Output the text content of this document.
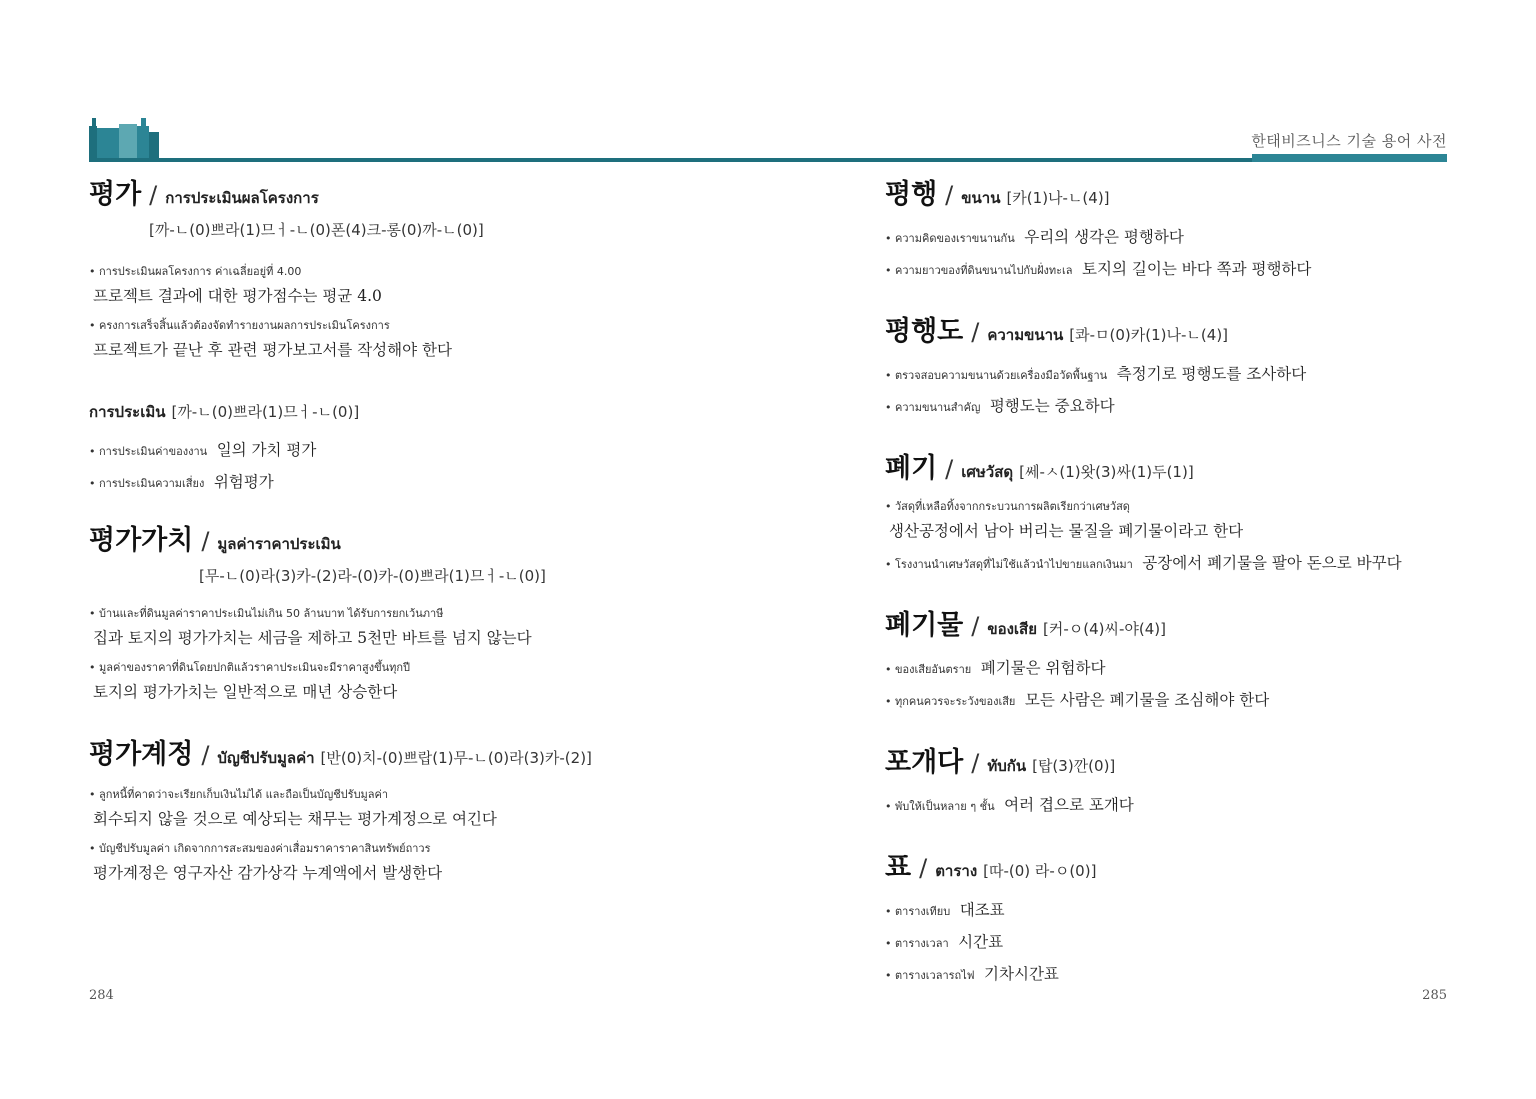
한태비즈니스 기술 용어 사전
평가 / การประเมินผลโครงการ
[까-ㄴ(0)쁘라(1)므ㅓ-ㄴ(0)폰(4)크-롱(0)까-ㄴ(0)]
• การประเมินผลโครงการ ค่าเฉลี่ยอยู่ที่ 4.00
프로젝트 결과에 대한 평가점수는 평균 4.0
• ครงการเสร็จสิ้นแล้วต้องจัดทำรายงานผลการประเมินโครงการ
프로젝트가 끝난 후 관련 평가보고서를 작성해야 한다
การประเมิน [까-ㄴ(0)쁘라(1)므ㅓ-ㄴ(0)]
• การประเมินค่าของงาน 일의 가치 평가
• การประเมินความเสี่ยง 위험평가
평가가치 / มูลค่าราคาประเมิน
[무-ㄴ(0)라(3)카-(2)라-(0)카-(0)쁘라(1)므ㅓ-ㄴ(0)]
• บ้านและที่ดินมูลค่าราคาประเมินไม่เกิน 50 ล้านบาท ได้รับการยกเว้นภาษี
집과 토지의 평가가치는 세금을 제하고 5천만 바트를 넘지 않는다
• มูลค่าของราคาที่ดินโดยปกติแล้วราคาประเมินจะมีราคาสูงขึ้นทุกปี
토지의 평가가치는 일반적으로 매년 상승한다
평가계정 / บัญชีปรับมูลค่า [반(0)치-(0)쁘랍(1)무-ㄴ(0)라(3)카-(2)]
• ลูกหนี้ที่คาดว่าจะเรียกเก็บเงินไม่ได้ และถือเป็นบัญชีปรับมูลค่า
회수되지 않을 것으로 예상되는 채무는 평가계정으로 여긴다
• บัญชีปรับมูลค่า เกิดจากการสะสมของค่าเสื่อมราคาราคาสินทรัพย์ถาวร
평가계정은 영구자산 감가상각 누계액에서 발생한다
평행 / ขนาน [카(1)나-ㄴ(4)]
• ความคิดของเราขนานกัน 우리의 생각은 평행하다
• ความยาวของที่ดินขนานไปกับฝั่งทะเล 토지의 길이는 바다 쪽과 평행하다
평행도 / ความขนาน [콰-ㅁ(0)카(1)나-ㄴ(4)]
• ตรวจสอบความขนานด้วยเครื่องมือวัดพื้นฐาน 측정기로 평행도를 조사하다
• ความขนานสำคัญ 평행도는 중요하다
폐기 / เศษวัสดุ [쎄-ㅅ(1)왓(3)싸(1)두(1)]
• วัสดุที่เหลือทิ้งจากกระบวนการผลิตเรียกว่าเศษวัสดุ
생산공정에서 남아 버리는 물질을 폐기물이라고 한다
• โรงงานนำเศษวัสดุที่ไม่ใช้แล้วนำไปขายแลกเงินมา 공장에서 폐기물을 팔아 돈으로 바꾸다
폐기물 / ของเสีย [커-ㅇ(4)씨-야(4)]
• ของเสียอันตราย 폐기물은 위험하다
• ทุกคนควรจะระวังของเสีย 모든 사람은 폐기물을 조심해야 한다
포개다 / ทับกัน [탑(3)깐(0)]
• พับให้เป็นหลาย ๆ ชั้น 여러 겹으로 포개다
표 / ตาราง [따-(0) 라-ㅇ(0)]
• ตารางเทียบ 대조표
• ตารางเวลา 시간표
• ตารางเวลารถไฟ 기차시간표
284	285
